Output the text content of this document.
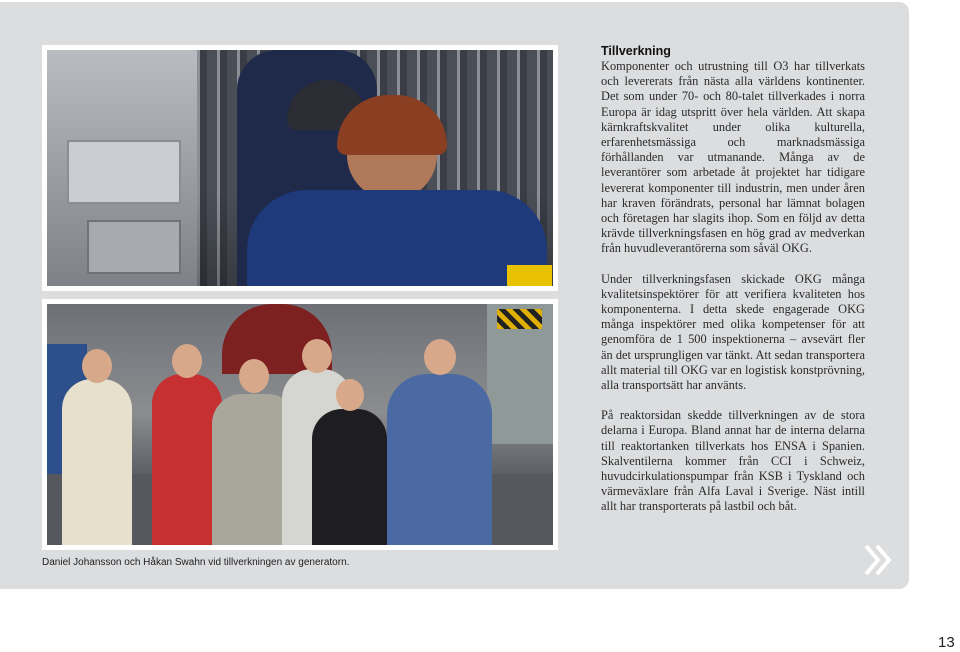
Daniel Johansson och Håkan Swahn vid tillverkningen av generatorn.
Tillverkning

Komponenter och utrustning till O3 har tillverkats och levererats från nästa alla världens kontinenter. Det som under 70- och 80-talet tillverkades i norra Europa är idag utspritt över hela världen. Att skapa kärnkraftskvalitet under olika kulturella, erfarenhetsmässiga och marknadsmässiga förhållanden var utmanande. Många av de leverantörer som arbetade åt projektet har tidigare levererat komponenter till industrin, men under åren har kraven förändrats, personal har lämnat bolagen och företagen har slagits ihop. Som en följd av detta krävde tillverkningsfasen en hög grad av medverkan från huvudleverantörerna som såväl OKG.

Under tillverkningsfasen skickade OKG många kvalitetsinspektörer för att verifiera kvaliteten hos komponenterna. I detta skede engagerade OKG många inspektörer med olika kompetenser för att genomföra de 1 500 inspektionerna – avsevärt fler än det ursprungligen var tänkt. Att sedan transportera allt material till OKG var en logistisk konstprövning, alla transportsätt har använts.

På reaktorsidan skedde tillverkningen av de stora delarna i Europa. Bland annat har de interna delarna till reaktortanken tillverkats hos ENSA i Spanien. Skalventilerna kommer från CCI i Schweiz, huvudcirkulationspumpar från KSB i Tyskland och värmeväxlare från Alfa Laval i Sverige. Näst intill allt har transporterats på lastbil och båt.

13
